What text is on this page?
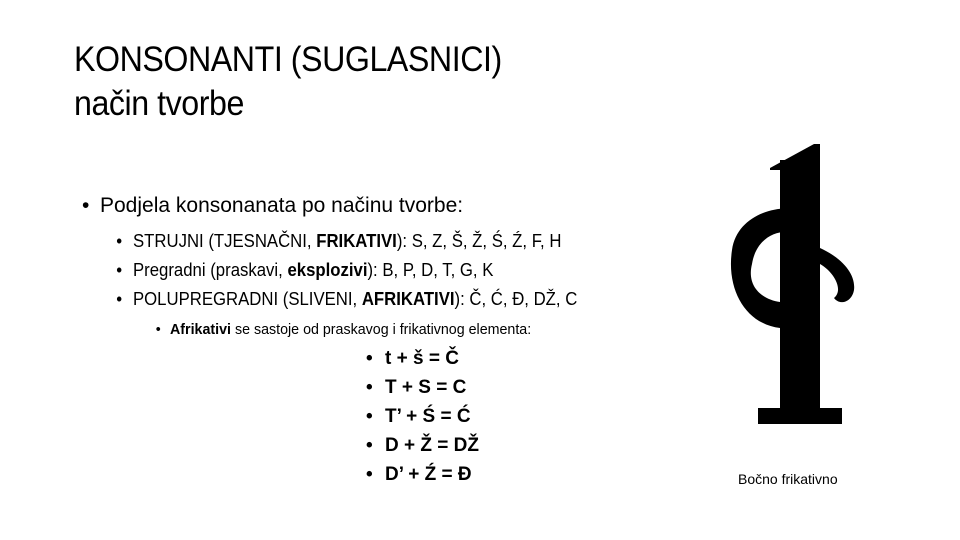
KONSONANTI (SUGLASNICI)
način tvorbe
• Podjela konsonanata po načinu tvorbe:
• STRUJNI (TJESNAČNI, FRIKATIVI): S, Z, Š, Ž, Ś, Ź, F, H
• Pregradni (praskavi, eksplozivi): B, P, D, T, G, K
• POLUPREGRADNI (SLIVENI, AFRIKATIVI): Č, Ć, Đ, DŽ, C
• Afrikativi se sastoje od praskavog i frikativnog elementa:
• t + š = Č
• T + S = C
• T’ + Ś = Ć
• D + Ž = DŽ
• D’ + Ź = Đ	Bočno frikativno
